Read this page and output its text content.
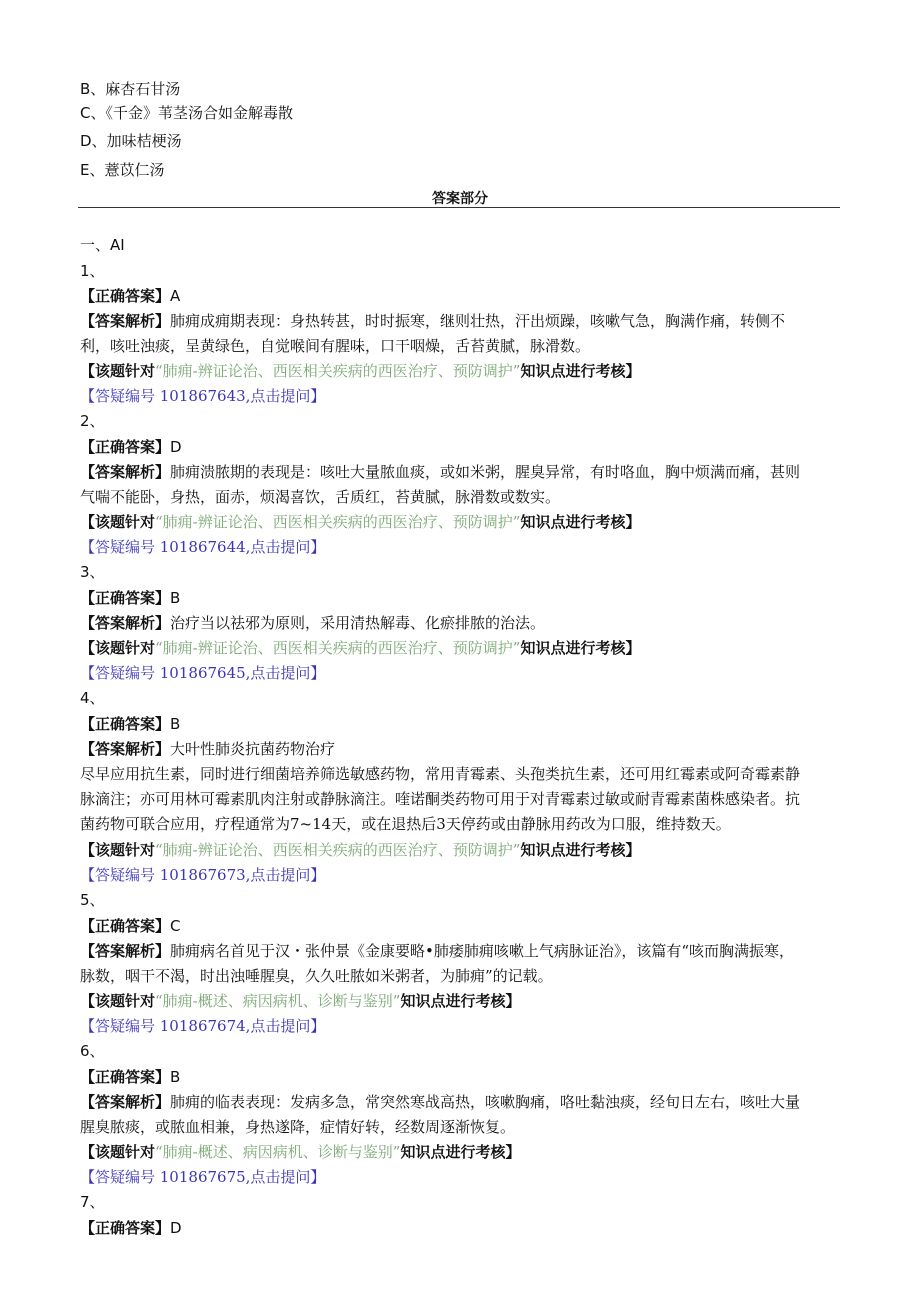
B、麻杏石甘汤
C、《千金》苇茎汤合如金解毒散
D、加味桔梗汤
E、薏苡仁汤
答案部分
一、AI
1、
【正确答案】A
【答案解析】肺痈成痈期表现：身热转甚，时时振寒，继则壮热，汗出烦躁，咳嗽气急，胸满作痛，转侧不
利，咳吐浊痰，呈黄绿色，自觉喉间有腥味，口干咽燥，舌苔黄腻，脉滑数。
【该题针对“肺痈-辨证论治、西医相关疾病的西医治疗、预防调护”知识点进行考核】
【答疑编号 101867643,点击提问】
2、
【正确答案】D
【答案解析】肺痈溃脓期的表现是：咳吐大量脓血痰，或如米粥，腥臭异常，有时咯血，胸中烦满而痛，甚则
气喘不能卧，身热，面赤，烦渴喜饮，舌质红，苔黄腻，脉滑数或数实。
【该题针对“肺痈-辨证论治、西医相关疾病的西医治疗、预防调护”知识点进行考核】
【答疑编号 101867644,点击提问】
3、
【正确答案】B
【答案解析】治疗当以祛邪为原则，采用清热解毒、化瘀排脓的治法。
【该题针对“肺痈-辨证论治、西医相关疾病的西医治疗、预防调护”知识点进行考核】
【答疑编号 101867645,点击提问】
4、
【正确答案】B
【答案解析】大叶性肺炎抗菌药物治疗
尽早应用抗生素，同时进行细菌培养筛选敏感药物，常用青霉素、头孢类抗生素，还可用红霉素或阿奇霉素静
脉滴注；亦可用林可霉素肌肉注射或静脉滴注。喹诺酮类药物可用于对青霉素过敏或耐青霉素菌株感染者。抗
菌药物可联合应用，疗程通常为7~14天，或在退热后3天停药或由静脉用药改为口服，维持数天。
【该题针对“肺痈-辨证论治、西医相关疾病的西医治疗、预防调护”知识点进行考核】
【答疑编号 101867673,点击提问】
5、
【正确答案】C
【答案解析】肺痈病名首见于汉・张仲景《金康要略•肺痿肺痈咳嗽上气病脉证治》，该篇有“咳而胸满振寒，
脉数，咽干不渴，时出浊唾腥臭，久久吐脓如米粥者，为肺痈”的记载。
【该题针对“肺痈-概述、病因病机、诊断与鉴别”知识点进行考核】
【答疑编号 101867674,点击提问】
6、
【正确答案】B
【答案解析】肺痈的临表表现：发病多急，常突然寒战高热，咳嗽胸痛，咯吐黏浊痰，经旬日左右，咳吐大量
腥臭脓痰，或脓血相兼，身热遂降，症情好转，经数周逐渐恢复。
【该题针对“肺痈-概述、病因病机、诊断与鉴别”知识点进行考核】
【答疑编号 101867675,点击提问】
7、
【正确答案】D
